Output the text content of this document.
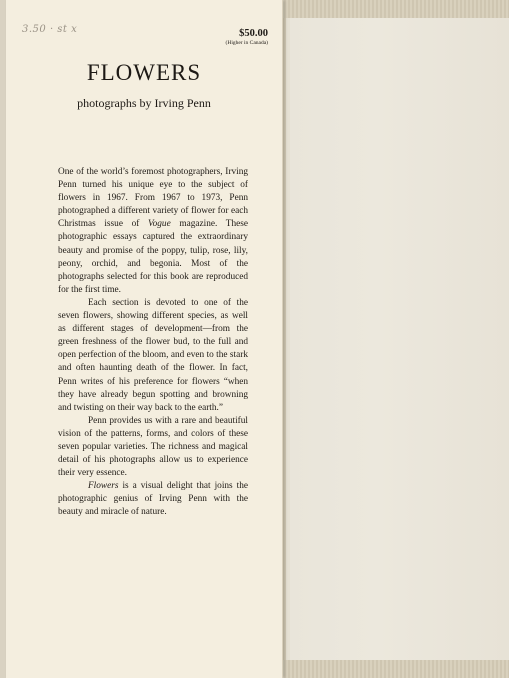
3.50 · st x	$50.00
(Higher in Canada)
FLOWERS
photographs by Irving Penn

One of the world’s foremost photographers, Irving Penn turned his unique eye to the subject of flowers in 1967. From 1967 to 1973, Penn photographed a different variety of flower for each Christmas issue of Vogue magazine. These photographic essays captured the extraordinary beauty and promise of the poppy, tulip, rose, lily, peony, orchid, and begonia. Most of the photographs selected for this book are reproduced for the first time.

Each section is devoted to one of the seven flowers, showing different species, as well as different stages of development—from the green freshness of the flower bud, to the full and open perfection of the bloom, and even to the stark and often haunting death of the flower. In fact, Penn writes of his preference for flowers “when they have already begun spotting and browning and twisting on their way back to the earth.”

Penn provides us with a rare and beautiful vision of the patterns, forms, and colors of these seven popular varieties. The richness and magical detail of his photographs allow us to experience their very essence.

Flowers is a visual delight that joins the photographic genius of Irving Penn with the beauty and miracle of nature.
